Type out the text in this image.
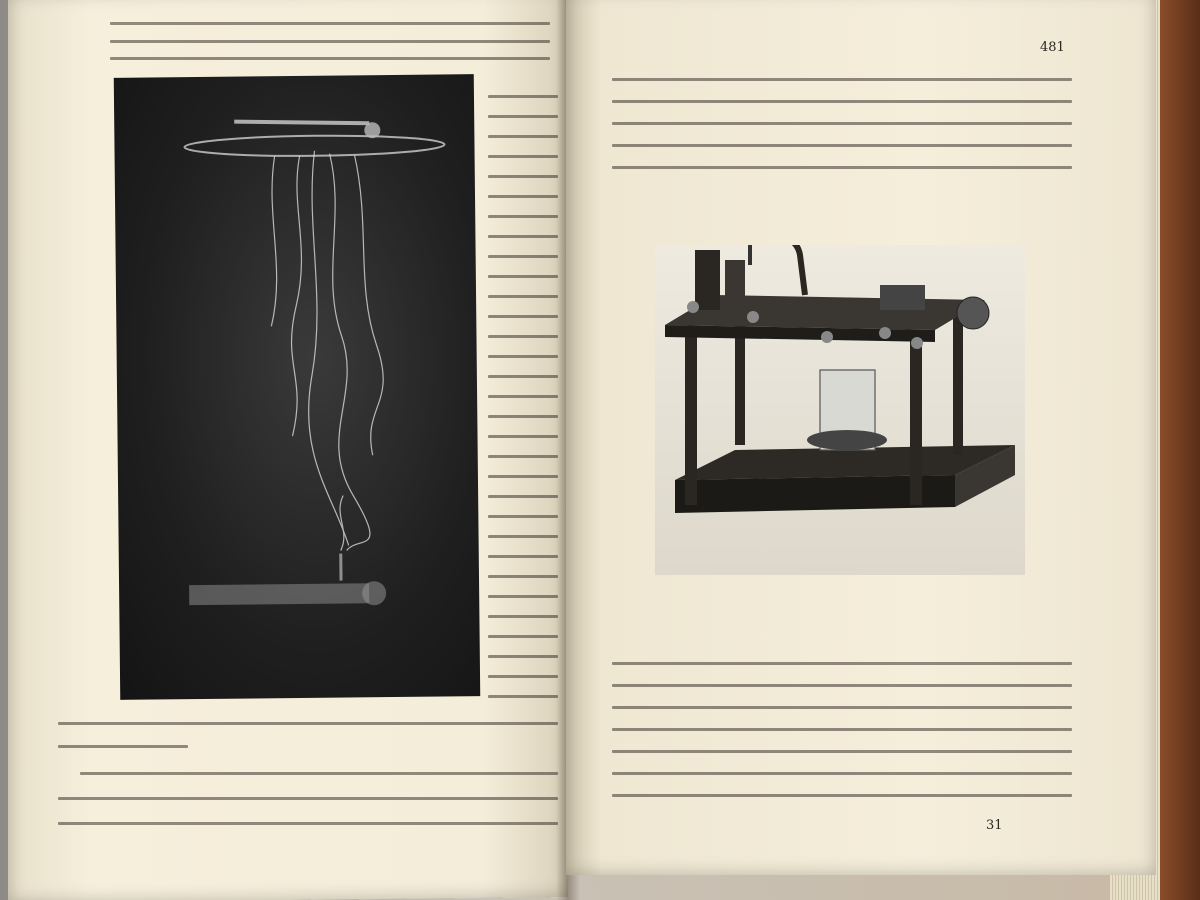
481
31
